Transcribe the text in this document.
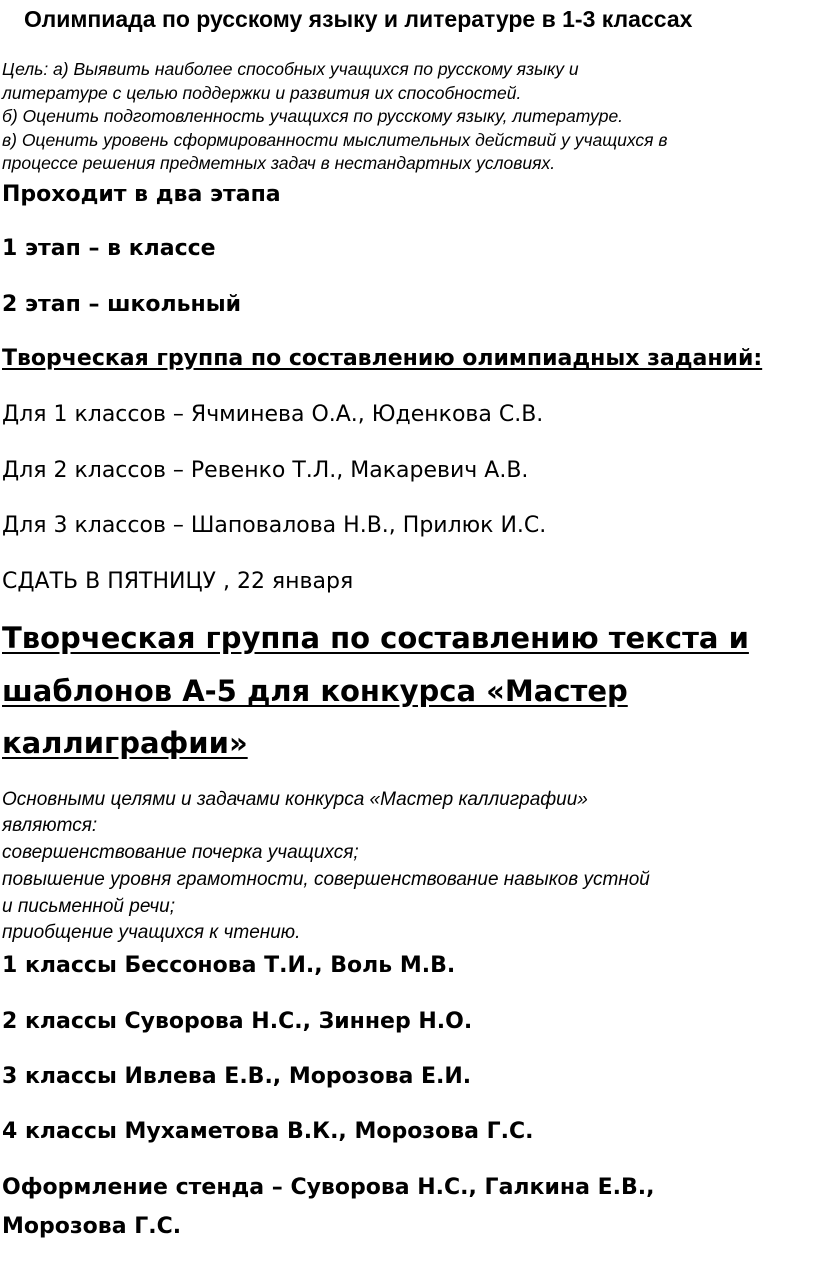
Олимпиада по русскому языку и литературе в 1-3 классах
Цель: а) Выявить наиболее способных учащихся по русскому языку и
литературе с целью поддержки и развития их способностей.
б) Оценить подготовленность учащихся по русскому языку, литературе.
в) Оценить уровень сформированности мыслительных действий у учащихся в
процессе решения предметных задач в нестандартных условиях.
Проходит в два этапа
1 этап – в классе
2 этап – школьный
Творческая группа по составлению олимпиадных заданий:
Для 1 классов – Ячминева О.А., Юденкова С.В.
Для 2 классов – Ревенко Т.Л., Макаревич А.В.
Для 3 классов – Шаповалова Н.В., Прилюк И.С.
СДАТЬ В ПЯТНИЦУ , 22 января
Творческая группа по составлению текста и
шаблонов А-5 для конкурса «Мастер
каллиграфии»
Основными целями и задачами конкурса «Мастер каллиграфии»
являются:
совершенствование почерка учащихся;
повышение уровня грамотности, совершенствование навыков устной
и письменной речи;
приобщение учащихся к чтению.
1 классы Бессонова Т.И., Воль М.В.
2 классы Суворова Н.С., Зиннер Н.О.
3 классы Ивлева Е.В., Морозова Е.И.
4 классы Мухаметова В.К., Морозова Г.С.
Оформление стенда – Суворова Н.С., Галкина Е.В.,
Морозова Г.С.
